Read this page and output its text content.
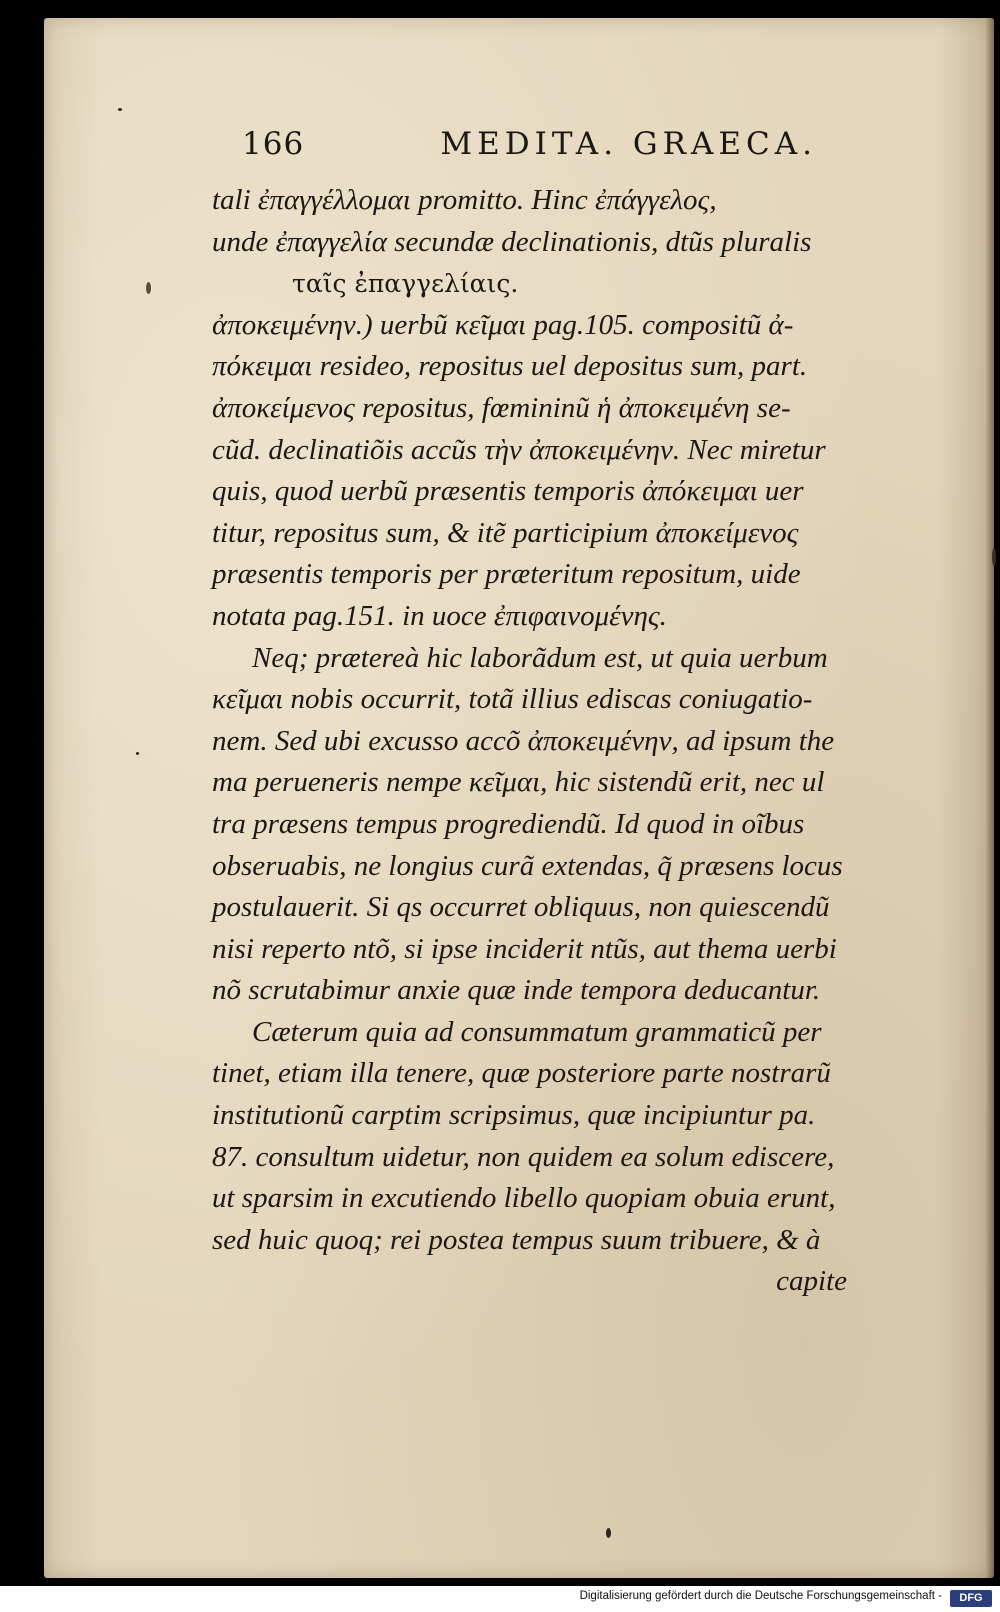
166	MEDITA. GRAECA.
tali ἐπαγγέλλομαι promitto. Hinc ἐπάγγελος,
unde ἐπαγγελία secundæ declinationis, dtũs pluralis
ταῖς ἐπαγγελίαις.
ἀποκειμένην.) uerbũ κεῖμαι pag.105. compositũ ἀ-
πόκειμαι resideo, repositus uel depositus sum, part.
ἀποκείμενος repositus, fœmininũ ἡ ἀποκειμένη se-
cũd. declinatiõis accũs τὴν ἀποκειμένην. Nec miretur
quis, quod uerbũ præsentis temporis ἀπόκειμαι uer
titur, repositus sum, & itẽ participium ἀποκείμενος
præsentis temporis per præteritum repositum, uide
notata pag.151. in uoce ἐπιφαινομένης.
Neq; prætereà hic laborãdum est, ut quia uerbum
κεῖμαι nobis occurrit, totã illius ediscas coniugatio-
nem. Sed ubi excusso accõ ἀποκειμένην, ad ipsum the
ma perueneris nempe κεῖμαι, hic sistendũ erit, nec ul
tra præsens tempus progrediendũ. Id quod in oĩbus
obseruabis, ne longius curã extendas, q̃ præsens locus
postulauerit. Si qs occurret obliquus, non quiescendũ
nisi reperto ntõ, si ipse inciderit ntũs, aut thema uerbi
nõ scrutabimur anxie quæ inde tempora deducantur.
Cæterum quia ad consummatum grammaticũ per
tinet, etiam illa tenere, quæ posteriore parte nostrarũ
institutionũ carptim scripsimus, quæ incipiuntur pa.
87. consultum uidetur, non quidem ea solum ediscere,
ut sparsim in excutiendo libello quopiam obuia erunt,
sed huic quoq; rei postea tempus suum tribuere, & à
capite
Digitalisierung gefördert durch die Deutsche Forschungsgemeinschaft -	DFG
